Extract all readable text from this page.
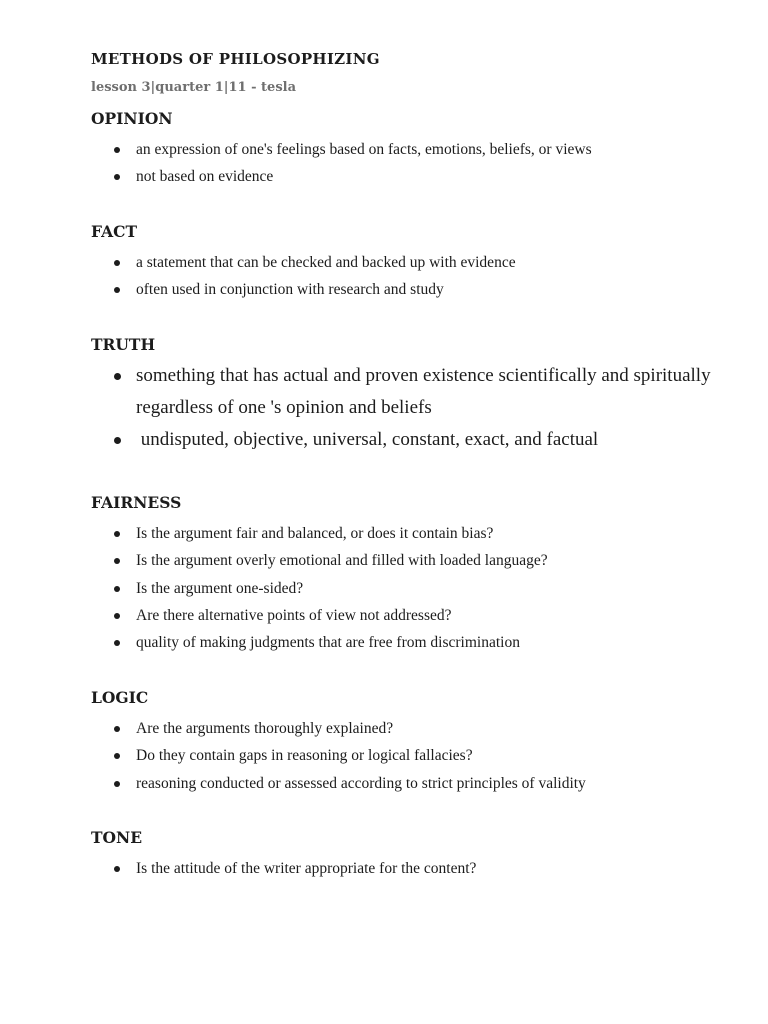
METHODS OF PHILOSOPHIZING
lesson 3|quarter 1|11 - tesla
OPINION
an expression of one's feelings based on facts, emotions, beliefs, or views
not based on evidence
FACT
a statement that can be checked and backed up with evidence
often used in conjunction with research and study
TRUTH
something that has actual and proven existence scientifically and spiritually regardless of one 's opinion and beliefs
undisputed, objective, universal, constant, exact, and factual
FAIRNESS
Is the argument fair and balanced, or does it contain bias?
Is the argument overly emotional and filled with loaded language?
Is the argument one-sided?
Are there alternative points of view not addressed?
quality of making judgments that are free from discrimination
LOGIC
Are the arguments thoroughly explained?
Do they contain gaps in reasoning or logical fallacies?
reasoning conducted or assessed according to strict principles of validity
TONE
Is the attitude of the writer appropriate for the content?
